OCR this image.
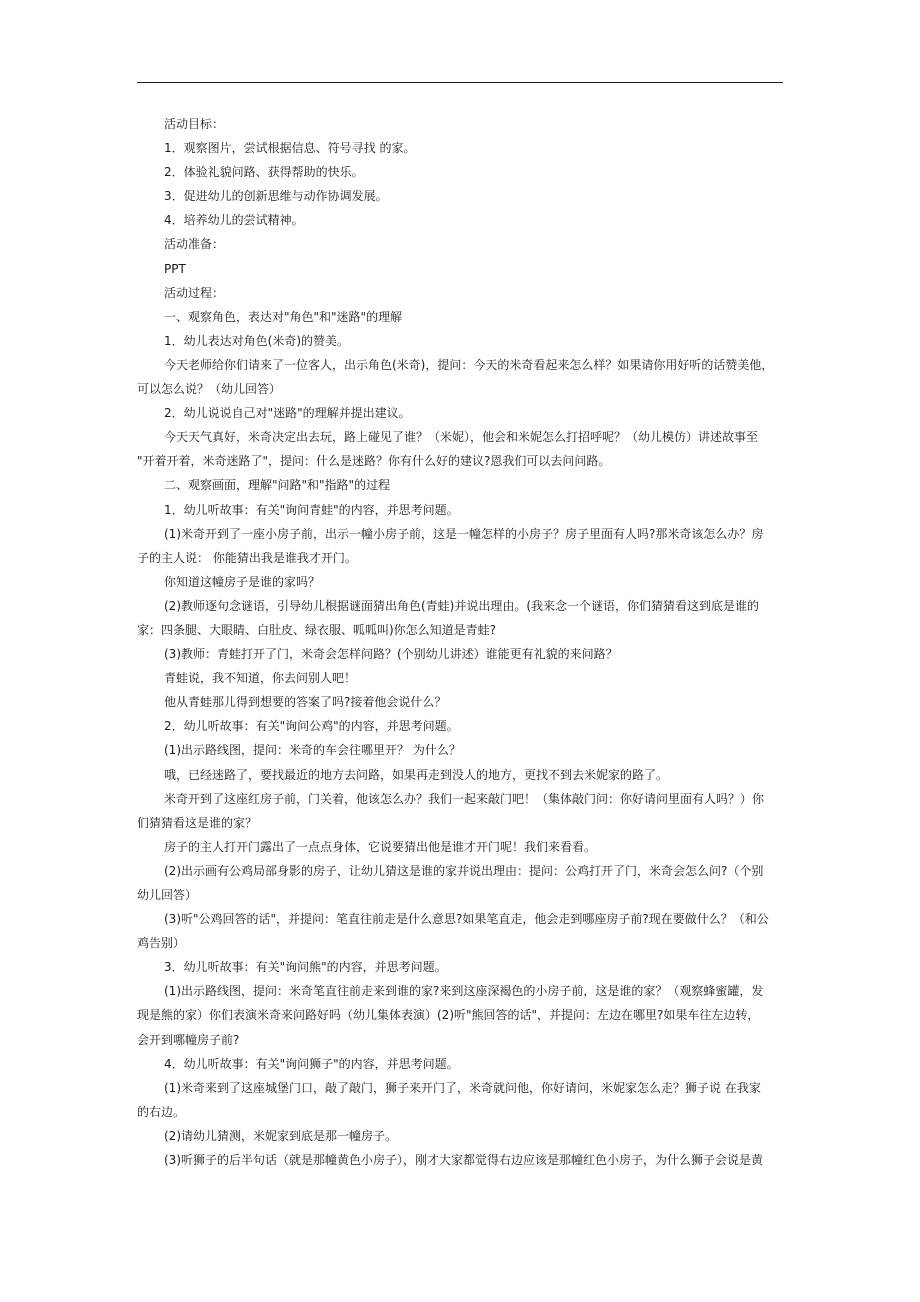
活动目标：
1．观察图片，尝试根据信息、符号寻找 的家。
2．体验礼貌问路、获得帮助的快乐。
3．促进幼儿的创新思维与动作协调发展。
4．培养幼儿的尝试精神。
活动准备：
PPT
活动过程：
一、观察角色，表达对"角色"和"迷路"的理解
1．幼儿表达对角色(米奇)的赞美。
今天老师给你们请来了一位客人，出示角色(米奇)，提问：今天的米奇看起来怎么样？如果请你用好听的话赞美他，
可以怎么说？（幼儿回答）
2．幼儿说说自己对"迷路"的理解并提出建议。
今天天气真好，米奇决定出去玩，路上碰见了谁？（米妮），他会和米妮怎么打招呼呢？（幼儿模仿）讲述故事至
"开着开着，米奇迷路了"，提问：什么是迷路？你有什么好的建议?恩我们可以去问问路。
二、观察画面，理解"问路"和"指路"的过程
1．幼儿听故事：有关"询问青蛙"的内容，并思考问题。
(1)米奇开到了一座小房子前，出示一幢小房子前，这是一幢怎样的小房子？房子里面有人吗?那米奇该怎么办？房
子的主人说： 你能猜出我是谁我才开门。
你知道这幢房子是谁的家吗？
(2)教师逐句念谜语，引导幼儿根据谜面猜出角色(青蛙)并说出理由。(我来念一个谜语，你们猜猜看这到底是谁的
家：四条腿、大眼睛、白肚皮、绿衣服、呱呱叫)你怎么知道是青蛙?
(3)教师：青蛙打开了门，米奇会怎样问路？(个别幼儿讲述）谁能更有礼貌的来问路？
青蛙说，我不知道，你去问别人吧！
他从青蛙那儿得到想要的答案了吗?接着他会说什么？
2．幼儿听故事：有关"询问公鸡"的内容，并思考问题。
(1)出示路线图，提问：米奇的车会往哪里开？ 为什么？
哦，已经迷路了，要找最近的地方去问路，如果再走到没人的地方，更找不到去米妮家的路了。
米奇开到了这座红房子前，门关着，他该怎么办？我们一起来敲门吧！（集体敲门问：你好请问里面有人吗？）你
们猜猜看这是谁的家？
房子的主人打开门露出了一点点身体，它说要猜出他是谁才开门呢！我们来看看。
(2)出示画有公鸡局部身影的房子，让幼儿猜这是谁的家并说出理由：提问：公鸡打开了门，米奇会怎么问?（个别
幼儿回答）
(3)听"公鸡回答的话"，并提问：笔直往前走是什么意思?如果笔直走，他会走到哪座房子前?现在要做什么？（和公
鸡告别）
3．幼儿听故事：有关"询问熊"的内容，并思考问题。
(1)出示路线图，提问：米奇笔直往前走来到谁的家?来到这座深褐色的小房子前，这是谁的家？（观察蜂蜜罐，发
现是熊的家）你们表演米奇来问路好吗（幼儿集体表演）(2)听"熊回答的话"，并提问：左边在哪里?如果车往左边转，
会开到哪幢房子前?
4．幼儿听故事：有关"询问狮子"的内容，并思考问题。
(1)米奇来到了这座城堡门口，敲了敲门，狮子来开门了，米奇就问他，你好请问，米妮家怎么走？狮子说 在我家
的右边。
(2)请幼儿猜测，米妮家到底是那一幢房子。
(3)听狮子的后半句话（就是那幢黄色小房子），刚才大家都觉得右边应该是那幢红色小房子，为什么狮子会说是黄
